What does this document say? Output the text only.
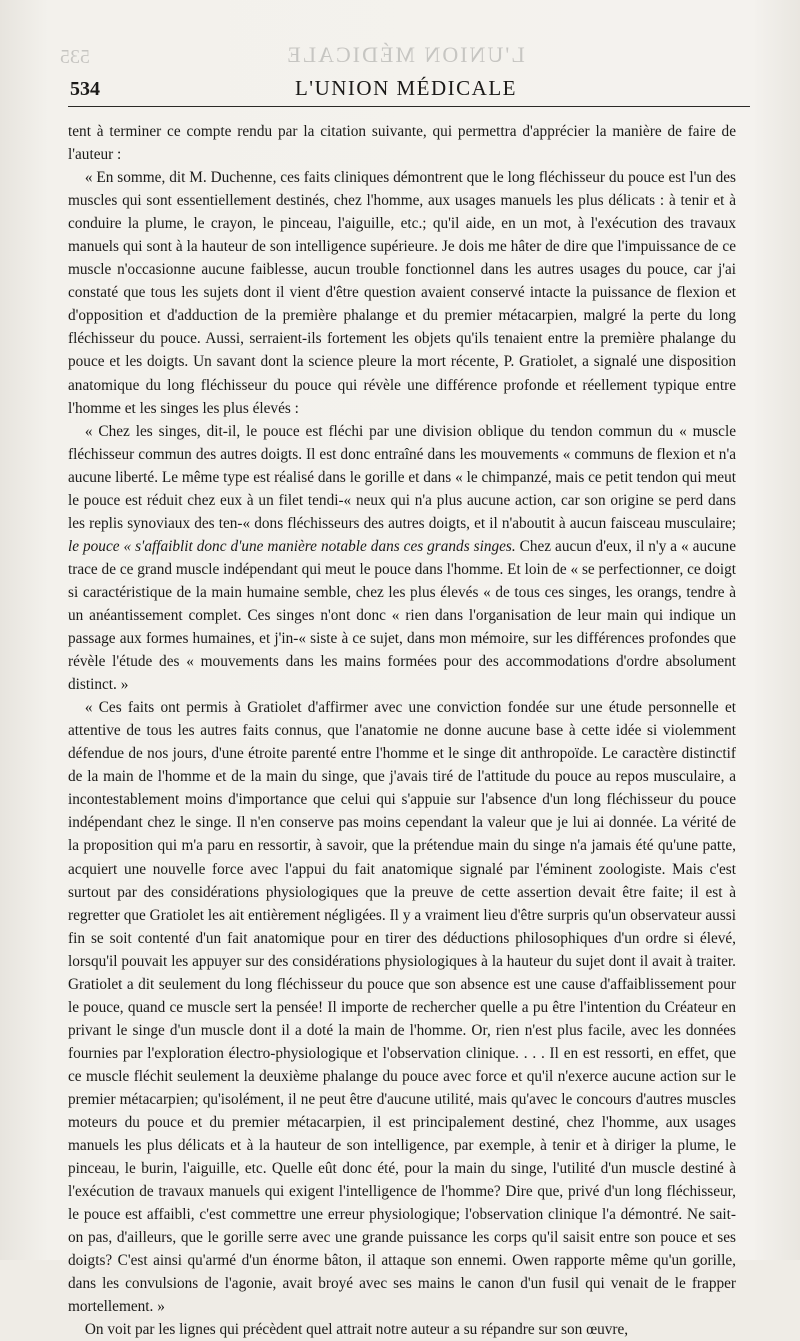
L'UNION MÉDICALE
535
534	L'UNION MÉDICALE

tent à terminer ce compte rendu par la citation suivante, qui permettra d'apprécier la manière de faire de l'auteur :

« En somme, dit M. Duchenne, ces faits cliniques démontrent que le long fléchisseur du pouce est l'un des muscles qui sont essentiellement destinés, chez l'homme, aux usages manuels les plus délicats : à tenir et à conduire la plume, le crayon, le pinceau, l'aiguille, etc.; qu'il aide, en un mot, à l'exécution des travaux manuels qui sont à la hauteur de son intelligence supérieure. Je dois me hâter de dire que l'impuissance de ce muscle n'occasionne aucune faiblesse, aucun trouble fonctionnel dans les autres usages du pouce, car j'ai constaté que tous les sujets dont il vient d'être question avaient conservé intacte la puissance de flexion et d'opposition et d'adduction de la première phalange et du premier métacarpien, malgré la perte du long fléchisseur du pouce. Aussi, serraient-ils fortement les objets qu'ils tenaient entre la première phalange du pouce et les doigts. Un savant dont la science pleure la mort récente, P. Gratiolet, a signalé une disposition anatomique du long fléchisseur du pouce qui révèle une différence profonde et réellement typique entre l'homme et les singes les plus élevés :

« Chez les singes, dit-il, le pouce est fléchi par une division oblique du tendon commun du « muscle fléchisseur commun des autres doigts. Il est donc entraîné dans les mouvements « communs de flexion et n'a aucune liberté. Le même type est réalisé dans le gorille et dans « le chimpanzé, mais ce petit tendon qui meut le pouce est réduit chez eux à un filet tendi-« neux qui n'a plus aucune action, car son origine se perd dans les replis synoviaux des ten-« dons fléchisseurs des autres doigts, et il n'aboutit à aucun faisceau musculaire; le pouce « s'affaiblit donc d'une manière notable dans ces grands singes. Chez aucun d'eux, il n'y a « aucune trace de ce grand muscle indépendant qui meut le pouce dans l'homme. Et loin de « se perfectionner, ce doigt si caractéristique de la main humaine semble, chez les plus élevés « de tous ces singes, les orangs, tendre à un anéantissement complet. Ces singes n'ont donc « rien dans l'organisation de leur main qui indique un passage aux formes humaines, et j'in-« siste à ce sujet, dans mon mémoire, sur les différences profondes que révèle l'étude des « mouvements dans les mains formées pour des accommodations d'ordre absolument distinct. »

« Ces faits ont permis à Gratiolet d'affirmer avec une conviction fondée sur une étude personnelle et attentive de tous les autres faits connus, que l'anatomie ne donne aucune base à cette idée si violemment défendue de nos jours, d'une étroite parenté entre l'homme et le singe dit anthropoïde. Le caractère distinctif de la main de l'homme et de la main du singe, que j'avais tiré de l'attitude du pouce au repos musculaire, a incontestablement moins d'importance que celui qui s'appuie sur l'absence d'un long fléchisseur du pouce indépendant chez le singe. Il n'en conserve pas moins cependant la valeur que je lui ai donnée. La vérité de la proposition qui m'a paru en ressortir, à savoir, que la prétendue main du singe n'a jamais été qu'une patte, acquiert une nouvelle force avec l'appui du fait anatomique signalé par l'éminent zoologiste. Mais c'est surtout par des considérations physiologiques que la preuve de cette assertion devait être faite; il est à regretter que Gratiolet les ait entièrement négligées. Il y a vraiment lieu d'être surpris qu'un observateur aussi fin se soit contenté d'un fait anatomique pour en tirer des déductions philosophiques d'un ordre si élevé, lorsqu'il pouvait les appuyer sur des considérations physiologiques à la hauteur du sujet dont il avait à traiter. Gratiolet a dit seulement du long fléchisseur du pouce que son absence est une cause d'affaiblissement pour le pouce, quand ce muscle sert la pensée! Il importe de rechercher quelle a pu être l'intention du Créateur en privant le singe d'un muscle dont il a doté la main de l'homme. Or, rien n'est plus facile, avec les données fournies par l'exploration électro-physiologique et l'observation clinique. . . . Il en est ressorti, en effet, que ce muscle fléchit seulement la deuxième phalange du pouce avec force et qu'il n'exerce aucune action sur le premier métacarpien; qu'isolément, il ne peut être d'aucune utilité, mais qu'avec le concours d'autres muscles moteurs du pouce et du premier métacarpien, il est principalement destiné, chez l'homme, aux usages manuels les plus délicats et à la hauteur de son intelligence, par exemple, à tenir et à diriger la plume, le pinceau, le burin, l'aiguille, etc. Quelle eût donc été, pour la main du singe, l'utilité d'un muscle destiné à l'exécution de travaux manuels qui exigent l'intelligence de l'homme? Dire que, privé d'un long fléchisseur, le pouce est affaibli, c'est commettre une erreur physiologique; l'observation clinique l'a démontré. Ne sait-on pas, d'ailleurs, que le gorille serre avec une grande puissance les corps qu'il saisit entre son pouce et ses doigts? C'est ainsi qu'armé d'un énorme bâton, il attaque son ennemi. Owen rapporte même qu'un gorille, dans les convulsions de l'agonie, avait broyé avec ses mains le canon d'un fusil qui venait de le frapper mortellement. »

On voit par les lignes qui précèdent quel attrait notre auteur a su répandre sur son œuvre,
